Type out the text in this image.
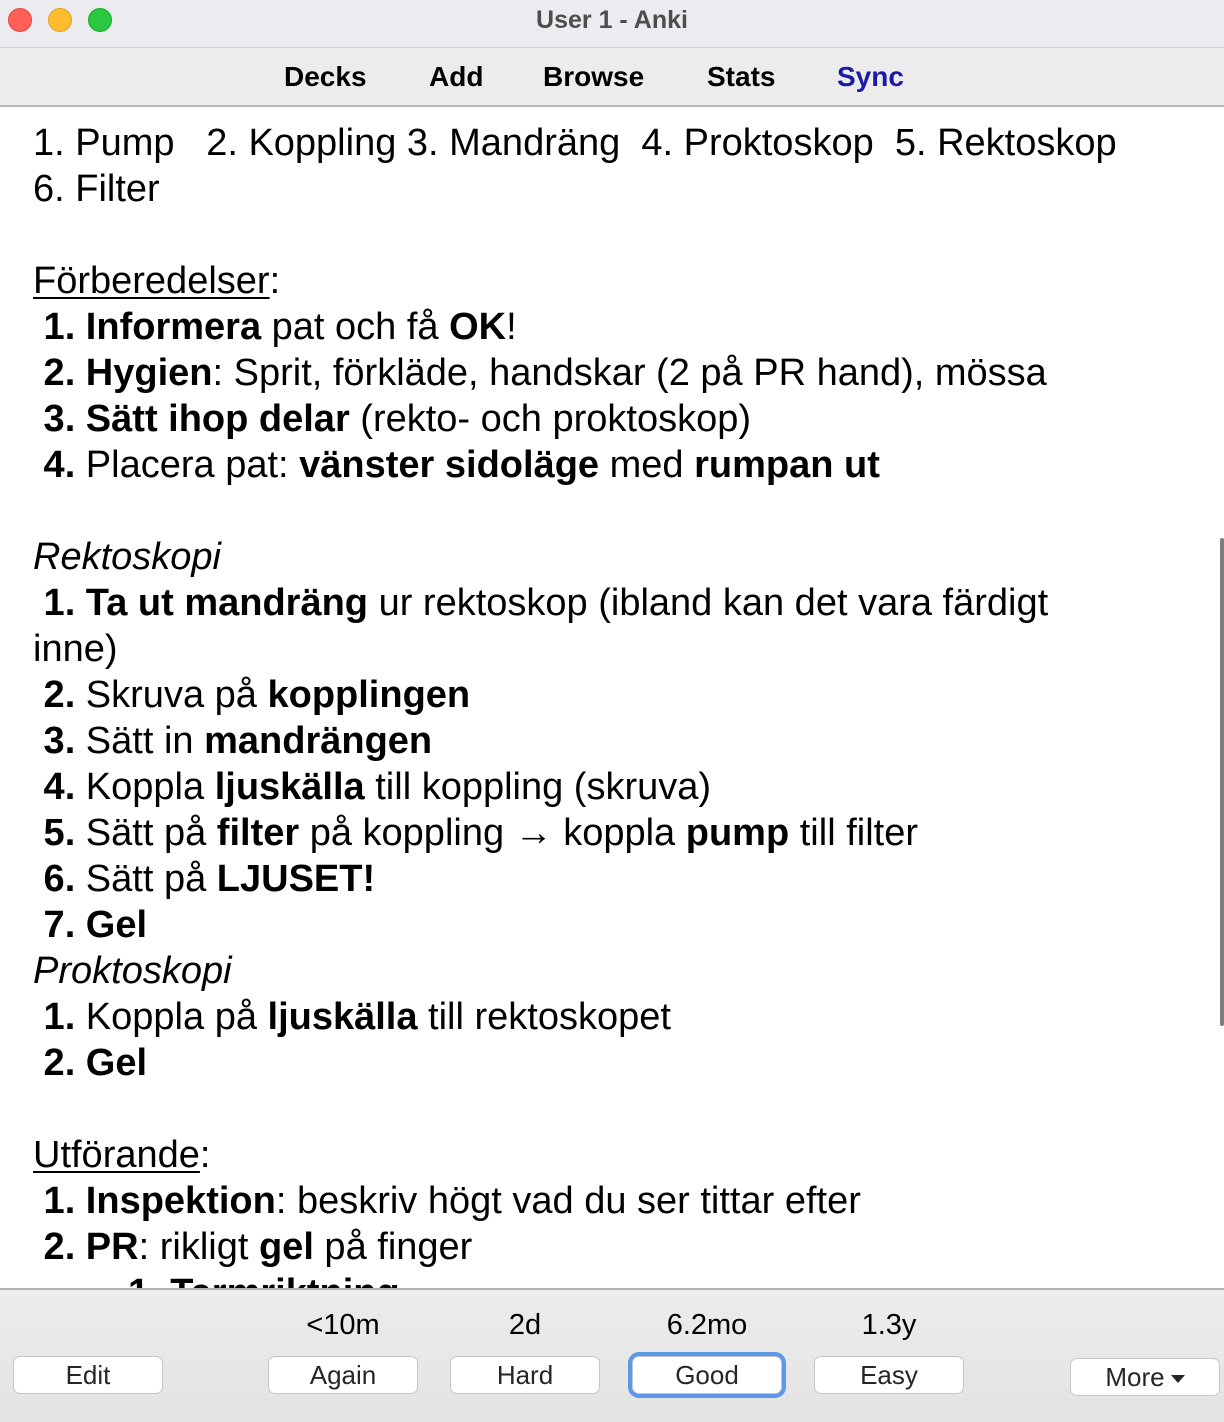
User 1 - Anki
Decks Add Browse Stats Sync
1. Pump   2. Koppling 3. Mandräng  4. Proktoskop  5. Rektoskop
6. Filter
Förberedelser:
1. Informera pat och få OK!
2. Hygien: Sprit, förkläde, handskar (2 på PR hand), mössa
3. Sätt ihop delar (rekto- och proktoskop)
4. Placera pat: vänster sidoläge med rumpan ut
Rektoskopi
1. Ta ut mandräng ur rektoskop (ibland kan det vara färdigt
inne)
2. Skruva på kopplingen
3. Sätt in mandrängen
4. Koppla ljuskälla till koppling (skruva)
5. Sätt på filter på koppling → koppla pump till filter
6. Sätt på LJUSET!
7. Gel
Proktoskopi
1. Koppla på ljuskälla till rektoskopet
2. Gel
Utförande:
1. Inspektion: beskriv högt vad du ser tittar efter
2. PR: rikligt gel på finger
Edit
<10m
Again
2d
Hard
6.2mo
Good
1.3y
Easy	More
